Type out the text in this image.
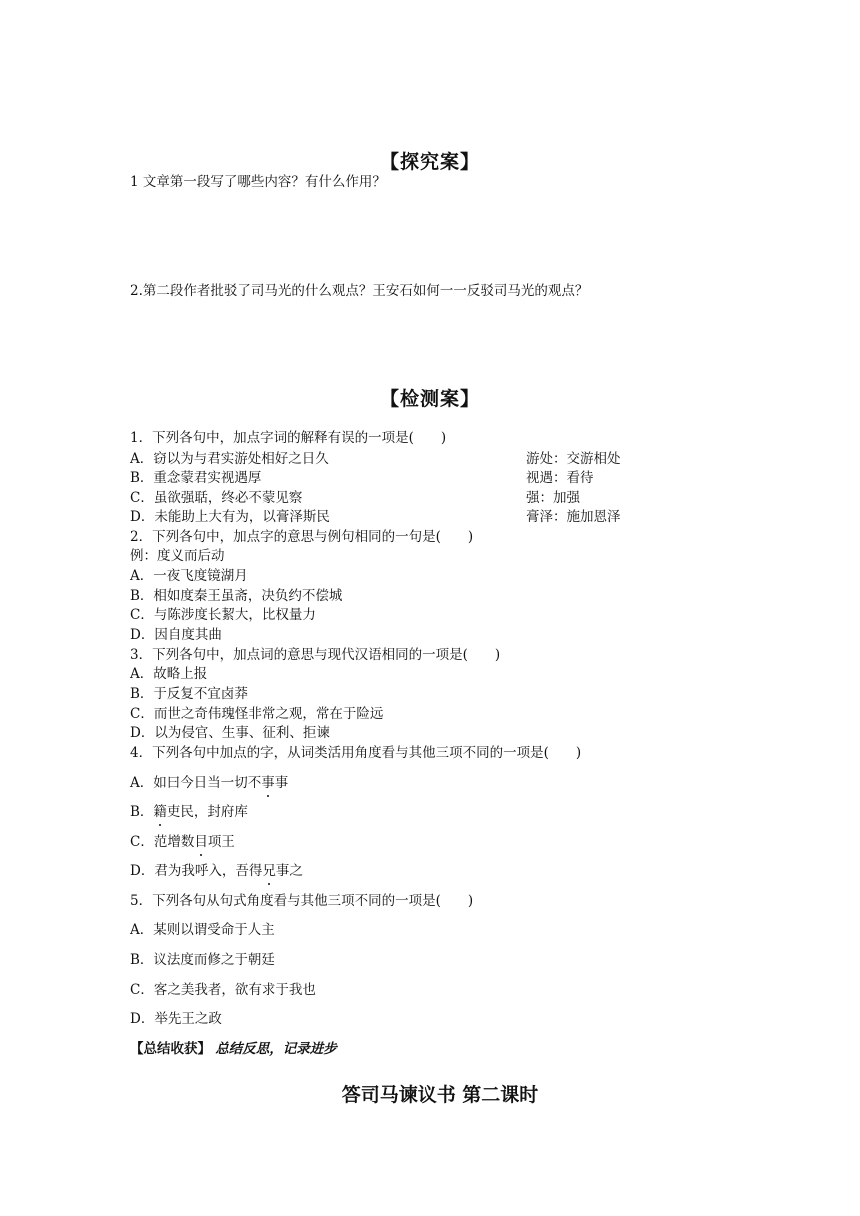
【探究案】
1 文章第一段写了哪些内容？有什么作用？
2.第二段作者批驳了司马光的什么观点？王安石如何一一反驳司马光的观点？
【检测案】
1．下列各句中，加点字词的解释有误的一项是(　　)
A．窃以为与君实游处相好之日久	游处：交游相处
B．重念蒙君实视遇厚	视遇：看待
C．虽欲强聒，终必不蒙见察	强：加强
D．未能助上大有为，以膏泽斯民	膏泽：施加恩泽
2．下列各句中，加点字的意思与例句相同的一句是(　　)
例：度义而后动
A．一夜飞度镜湖月
B．相如度秦王虽斋，决负约不偿城
C．与陈涉度长絜大，比权量力
D．因自度其曲
3．下列各句中，加点词的意思与现代汉语相同的一项是(　　)
A．故略上报
B．于反复不宜卤莽
C．而世之奇伟瑰怪非常之观，常在于险远
D．以为侵官、生事、征利、拒谏
4．下列各句中加点的字，从词类活用角度看与其他三项不同的一项是(　　)
A．如曰今日当一切不事事
B．籍吏民，封府库
C．范增数目项王
D．君为我呼入，吾得兄事之
5．下列各句从句式角度看与其他三项不同的一项是(　　)
A．某则以谓受命于人主
B．议法度而修之于朝廷
C．客之美我者，欲有求于我也
D．举先王之政
【总结收获】 总结反思，记录进步
答司马谏议书 第二课时
